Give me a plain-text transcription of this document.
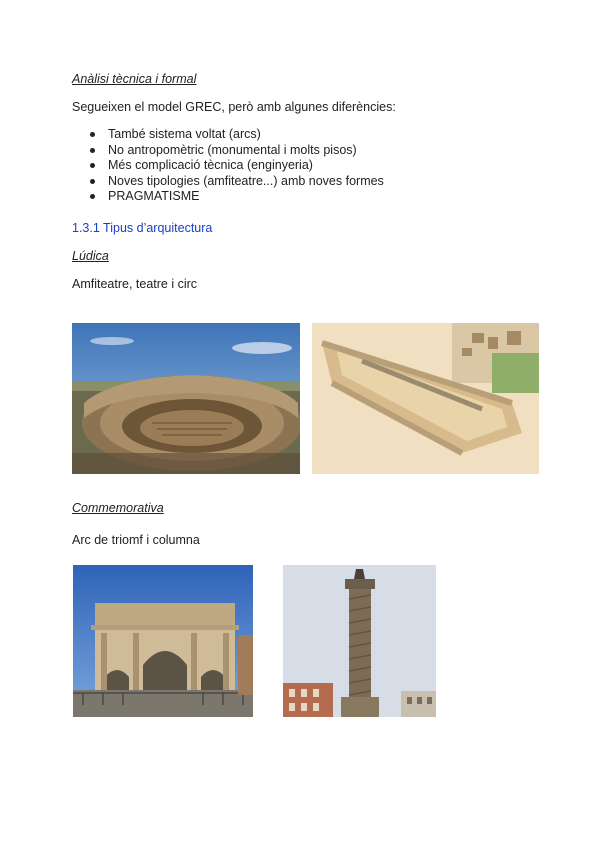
Anàlisi tècnica i formal
Segueixen el model GREC, però amb algunes diferències:
També sistema voltat (arcs)
No antropomètric (monumental i molts pisos)
Més complicació tècnica (enginyeria)
Noves tipologies (amfiteatre...) amb noves formes
PRAGMATISME
1.3.1 Tipus d’arquitectura
Lúdica
Amfiteatre, teatre i circ
Commemorativa
Arc de triomf i columna
